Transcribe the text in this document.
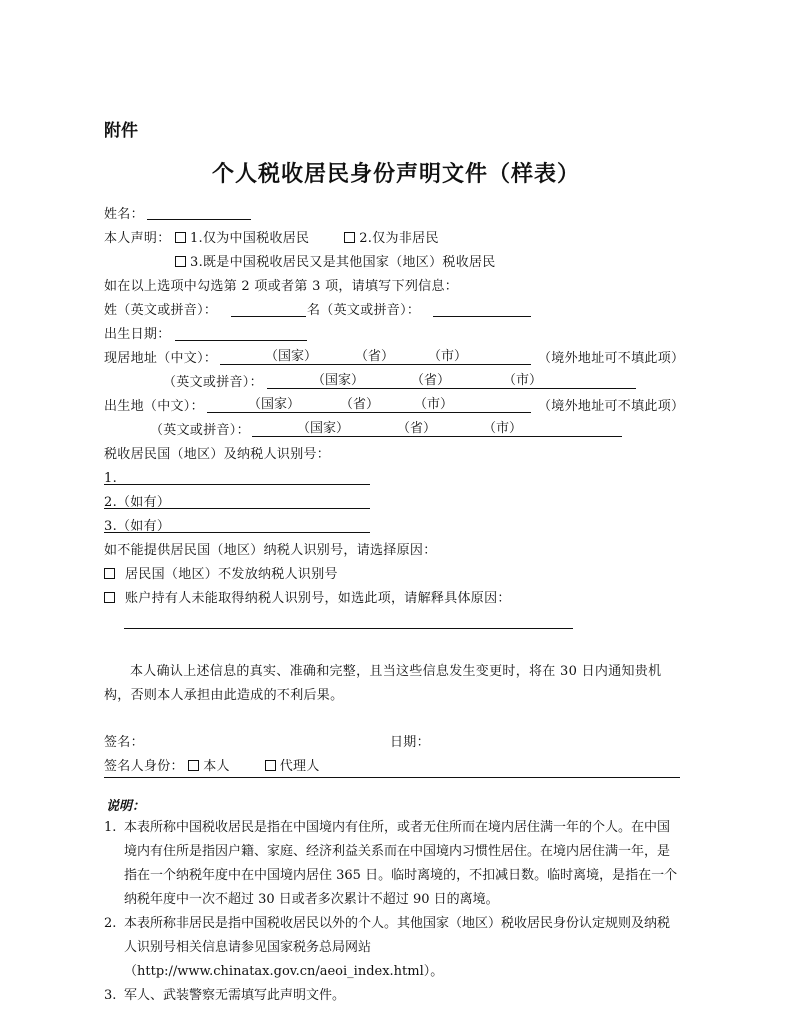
附件
个人税收居民身份声明文件（样表）
姓名：
本人声明： 1.仅为中国税收居民	2.仅为非居民
3.既是中国税收居民又是其他国家（地区）税收居民
如在以上选项中勾选第 2 项或者第 3 项，请填写下列信息：
姓（英文或拼音）：	名（英文或拼音）：
出生日期：
现居地址（中文）：	（国家）	（省）	（市）	（境外地址可不填此项）
（英文或拼音）：	（国家）	（省）	（市）
出生地（中文）：	（国家）	（省）	（市）	（境外地址可不填此项）
（英文或拼音）：	（国家）	（省）	（市）
税收居民国（地区）及纳税人识别号：
1.
2.（如有）
3.（如有）
如不能提供居民国（地区）纳税人识别号，请选择原因：
居民国（地区）不发放纳税人识别号
账户持有人未能取得纳税人识别号，如选此项，请解释具体原因：
本人确认上述信息的真实、准确和完整，且当这些信息发生变更时，将在 30 日内通知贵机构，否则本人承担由此造成的不利后果。
签名：	日期：
签名人身份： 本人	代理人
说明：
1. 本表所称中国税收居民是指在中国境内有住所，或者无住所而在境内居住满一年的个人。在中国境内有住所是指因户籍、家庭、经济利益关系而在中国境内习惯性居住。在境内居住满一年，是指在一个纳税年度中在中国境内居住 365 日。临时离境的，不扣减日数。临时离境，是指在一个纳税年度中一次不超过 30 日或者多次累计不超过 90 日的离境。
2. 本表所称非居民是指中国税收居民以外的个人。其他国家（地区）税收居民身份认定规则及纳税人识别号相关信息请参见国家税务总局网站（http://www.chinatax.gov.cn/aeoi_index.html）。
3. 军人、武装警察无需填写此声明文件。
